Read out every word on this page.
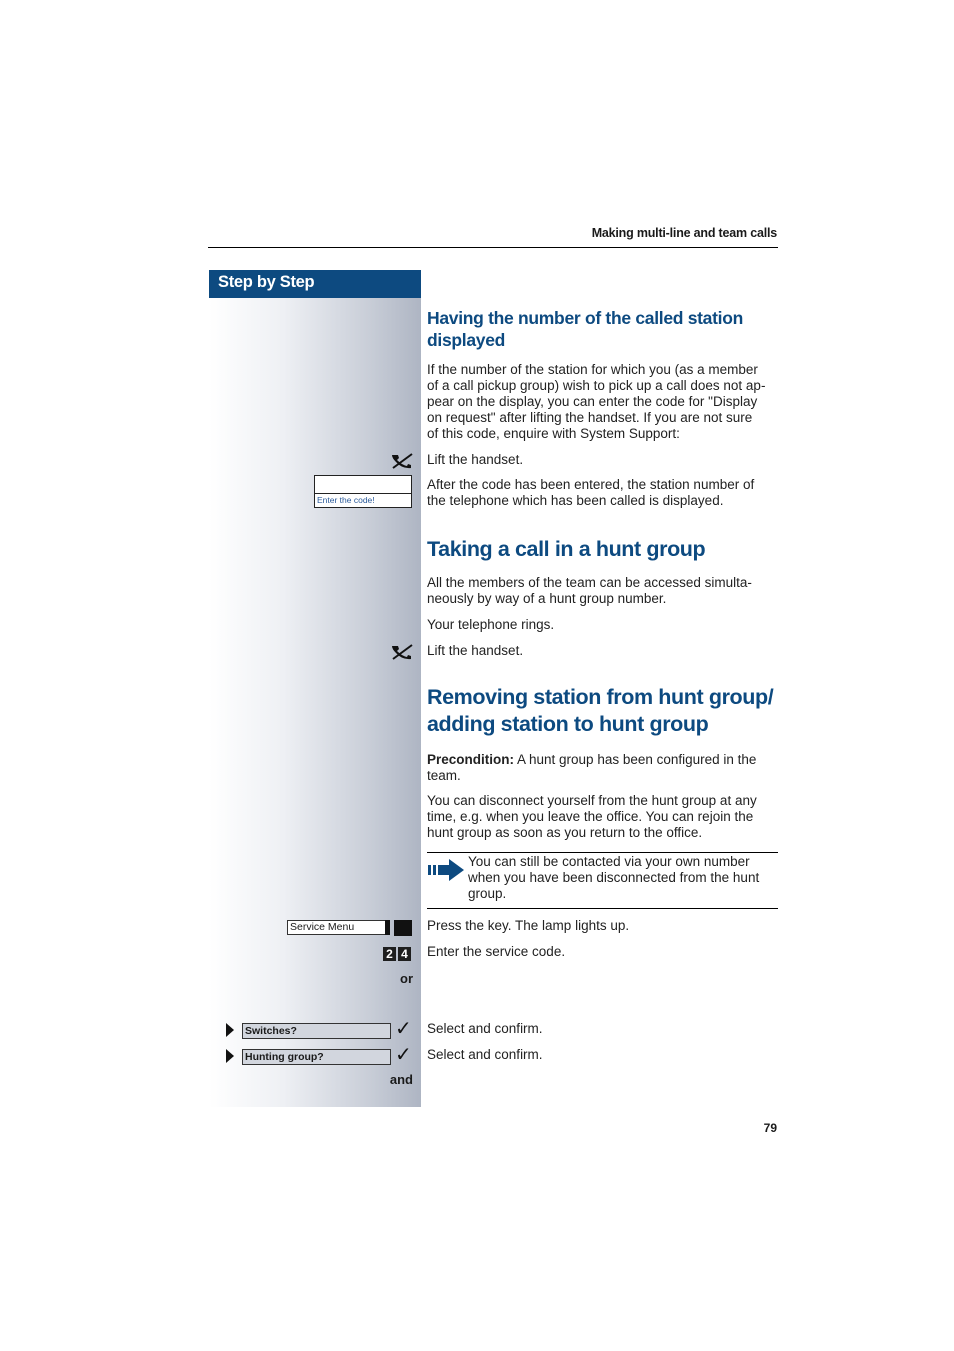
Making multi-line and team calls
Step by Step
Having the number of the called station
displayed
If the number of the station for which you (as a member
of a call pickup group) wish to pick up a call does not ap-
pear on the display, you can enter the code for "Display
on request" after lifting the handset. If you are not sure
of this code, enquire with System Support:
Lift the handset.
Enter the code!
After the code has been entered, the station number of
the telephone which has been called is displayed.
Taking a call in a hunt group
All the members of the team can be accessed simulta-
neously by way of a hunt group number.
Your telephone rings.
Lift the handset.
Removing station from hunt group/
adding station to hunt group
Precondition: A hunt group has been configured in the
team.
You can disconnect yourself from the hunt group at any
time, e.g. when you leave the office. You can rejoin the
hunt group as soon as you return to the office.
You can still be contacted via your own number
when you have been disconnected from the hunt
group.
Service Menu	Press the key. The lamp lights up.
2 4 Enter the service code.
or
Switches?	✓ Select and confirm.
Hunting group?	✓ Select and confirm.
and
79
